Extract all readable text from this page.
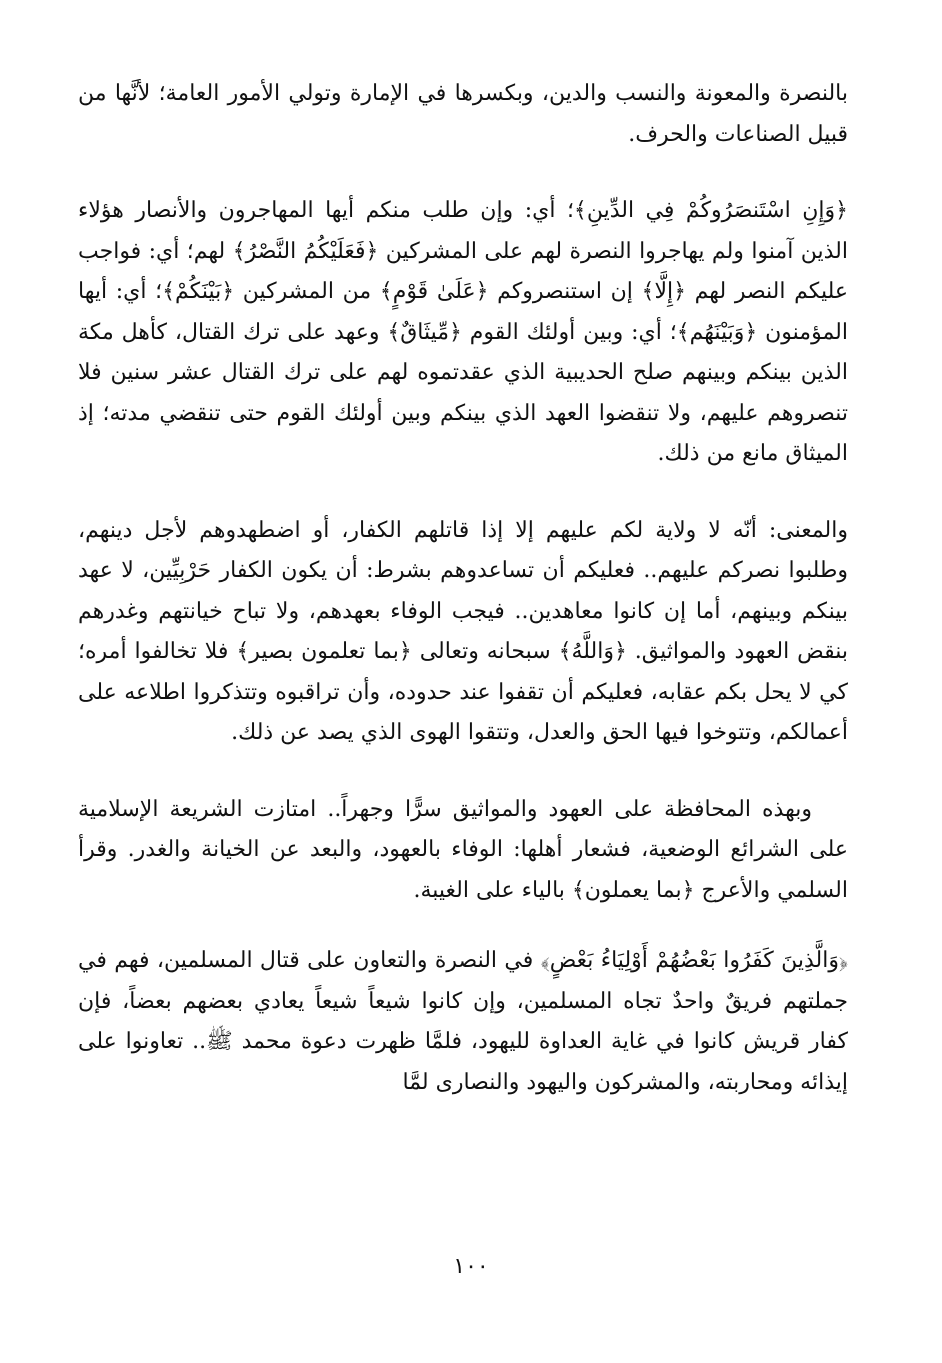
بالنصرة والمعونة والنسب والدين، وبكسرها في الإمارة وتولي الأمور العامة؛ لأنَّها من قبيل الصناعات والحرف.

﴿وَإِنِ اسْتَنصَرُوكُمْ فِي الدِّينِ﴾؛ أي: وإن طلب منكم أيها المهاجرون والأنصار هؤلاء الذين آمنوا ولم يهاجروا النصرة لهم على المشركين ﴿فَعَلَيْكُمُ النَّصْرُ﴾ لهم؛ أي: فواجب عليكم النصر لهم ﴿إِلَّا﴾ إن استنصروكم ﴿عَلَىٰ قَوْمٍ﴾ من المشركين ﴿بَيْنَكُمْ﴾؛ أي: أيها المؤمنون ﴿وَبَيْنَهُم﴾؛ أي: وبين أولئك القوم ﴿مِّيثَاقٌ﴾ وعهد على ترك القتال، كأهل مكة الذين بينكم وبينهم صلح الحديبية الذي عقدتموه لهم على ترك القتال عشر سنين فلا تنصروهم عليهم، ولا تنقضوا العهد الذي بينكم وبين أولئك القوم حتى تنقضي مدته؛ إذ الميثاق مانع من ذلك.

والمعنى: أنّه لا ولاية لكم عليهم إلا إذا قاتلهم الكفار، أو اضطهدوهم لأجل دينهم، وطلبوا نصركم عليهم.. فعليكم أن تساعدوهم بشرط: أن يكون الكفار حَرْبِيِّين، لا عهد بينكم وبينهم، أما إن كانوا معاهدين.. فيجب الوفاء بعهدهم، ولا تباح خيانتهم وغدرهم بنقض العهود والمواثيق. ﴿وَاللَّهُ﴾ سبحانه وتعالى ﴿بما تعلمون بصير﴾ فلا تخالفوا أمره؛ كي لا يحل بكم عقابه، فعليكم أن تقفوا عند حدوده، وأن تراقبوه وتتذكروا اطلاعه على أعمالكم، وتتوخوا فيها الحق والعدل، وتتقوا الهوى الذي يصد عن ذلك.

وبهذه المحافظة على العهود والمواثيق سرًّا وجهراً.. امتازت الشريعة الإسلامية على الشرائع الوضعية، فشعار أهلها: الوفاء بالعهود، والبعد عن الخيانة والغدر. وقرأ السلمي والأعرج ﴿بما يعملون﴾ بالياء على الغيبة.

﴿وَالَّذِينَ كَفَرُوا بَعْضُهُمْ أَوْلِيَاءُ بَعْضٍ﴾ في النصرة والتعاون على قتال المسلمين، فهم في جملتهم فريقٌ واحدٌ تجاه المسلمين، وإن كانوا شيعاً شيعاً يعادي بعضهم بعضاً، فإن كفار قريش كانوا في غاية العداوة لليهود، فلمَّا ظهرت دعوة محمد ﷺ.. تعاونوا على إيذائه ومحاربته، والمشركون واليهود والنصارى لمَّا

١٠٠
